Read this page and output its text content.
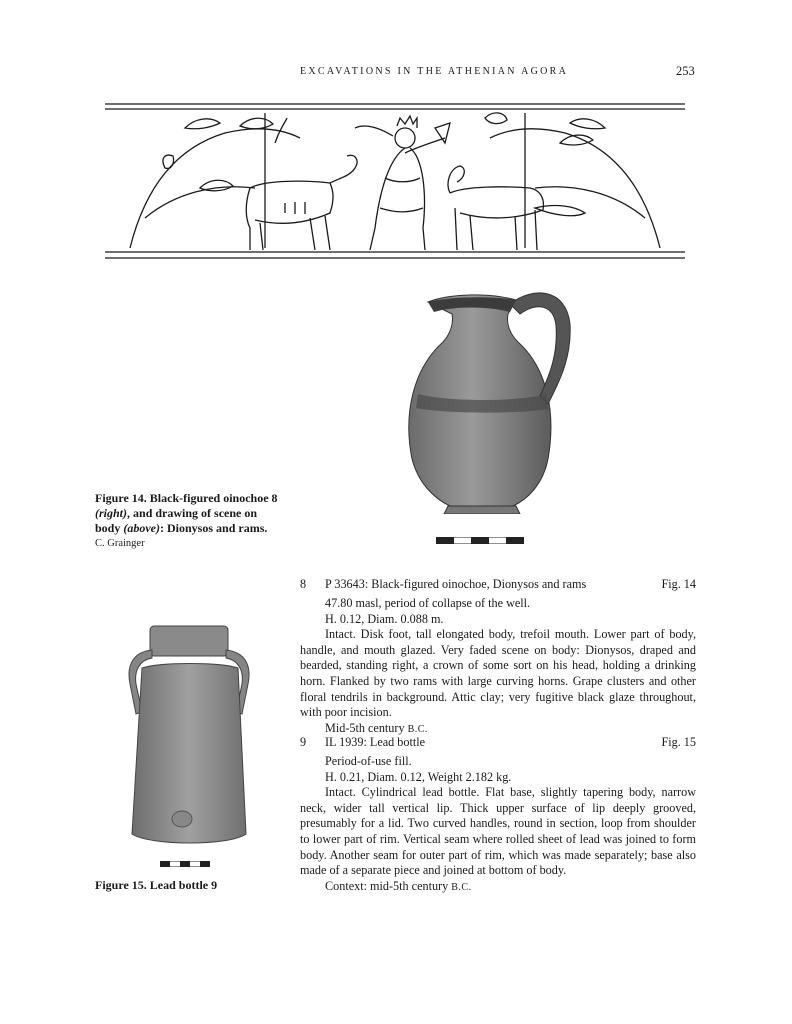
EXCAVATIONS IN THE ATHENIAN AGORA	253
Figure 14. Black-figured oinochoe 8
(right), and drawing of scene on
body (above): Dionysos and rams.
C. Grainger
Figure 15. Lead bottle 9
8 P 33643: Black-figured oinochoe, Dionysos and rams	Fig. 14
47.80 masl, period of collapse of the well.
H. 0.12, Diam. 0.088 m.
Intact. Disk foot, tall elongated body, trefoil mouth. Lower part of body, handle, and mouth glazed. Very faded scene on body: Dionysos, draped and bearded, standing right, a crown of some sort on his head, holding a drinking horn. Flanked by two rams with large curving horns. Grape clusters and other floral tendrils in background. Attic clay; very fugitive black glaze throughout, with poor incision.
Mid-5th century B.C.
9 IL 1939: Lead bottle	Fig. 15
Period-of-use fill.
H. 0.21, Diam. 0.12, Weight 2.182 kg.
Intact. Cylindrical lead bottle. Flat base, slightly tapering body, narrow neck, wider tall vertical lip. Thick upper surface of lip deeply grooved, presumably for a lid. Two curved handles, round in section, loop from shoulder to lower part of rim. Vertical seam where rolled sheet of lead was joined to form body. Another seam for outer part of rim, which was made separately; base also made of a separate piece and joined at bottom of body.
Context: mid-5th century B.C.
